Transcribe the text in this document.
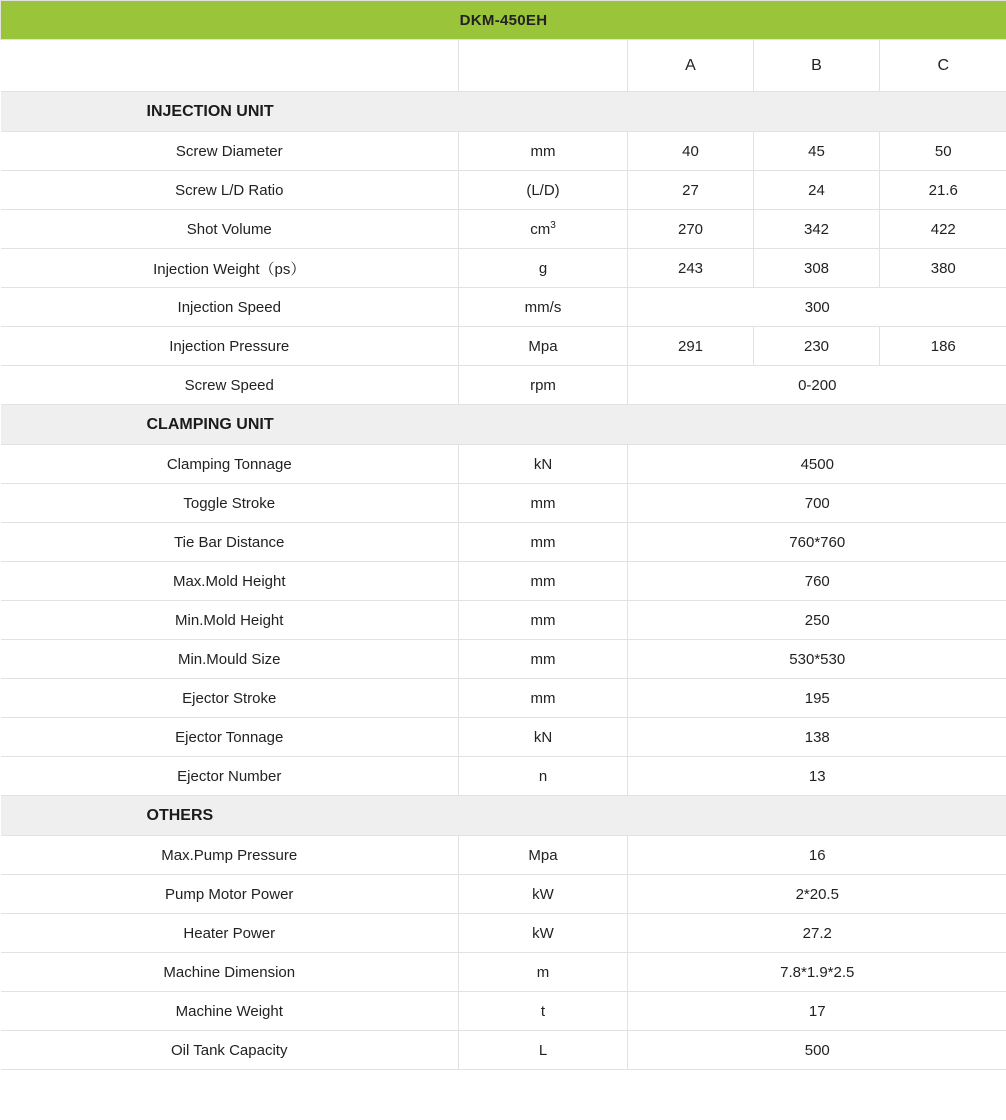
DKM-450EH				
		A	B	C
INJECTION UNIT				
Screw Diameter	mm	40	45	50
Screw L/D Ratio	(L/D)	27	24	21.6
Shot Volume	$cm^3$	270	342	422
Injection Weight（ps）	g	243	308	380
Injection Speed	mm/s	300		
Injection Pressure	Mpa	291	230	186
Screw Speed	rpm	0-200		
CLAMPING UNIT				
Clamping Tonnage	kN	4500		
Toggle Stroke	mm	700		
Tie Bar Distance	mm	760*760		
Max.Mold Height	mm	760		
Min.Mold Height	mm	250		
Min.Mould Size	mm	530*530		
Ejector Stroke	mm	195		
Ejector Tonnage	kN	138		
Ejector Number	n	13		
OTHERS				
Max.Pump Pressure	Mpa	16		
Pump Motor Power	kW	2*20.5		
Heater Power	kW	27.2		
Machine Dimension	m	7.8*1.9*2.5		
Machine Weight	t	17		
Oil Tank Capacity	L	500		
